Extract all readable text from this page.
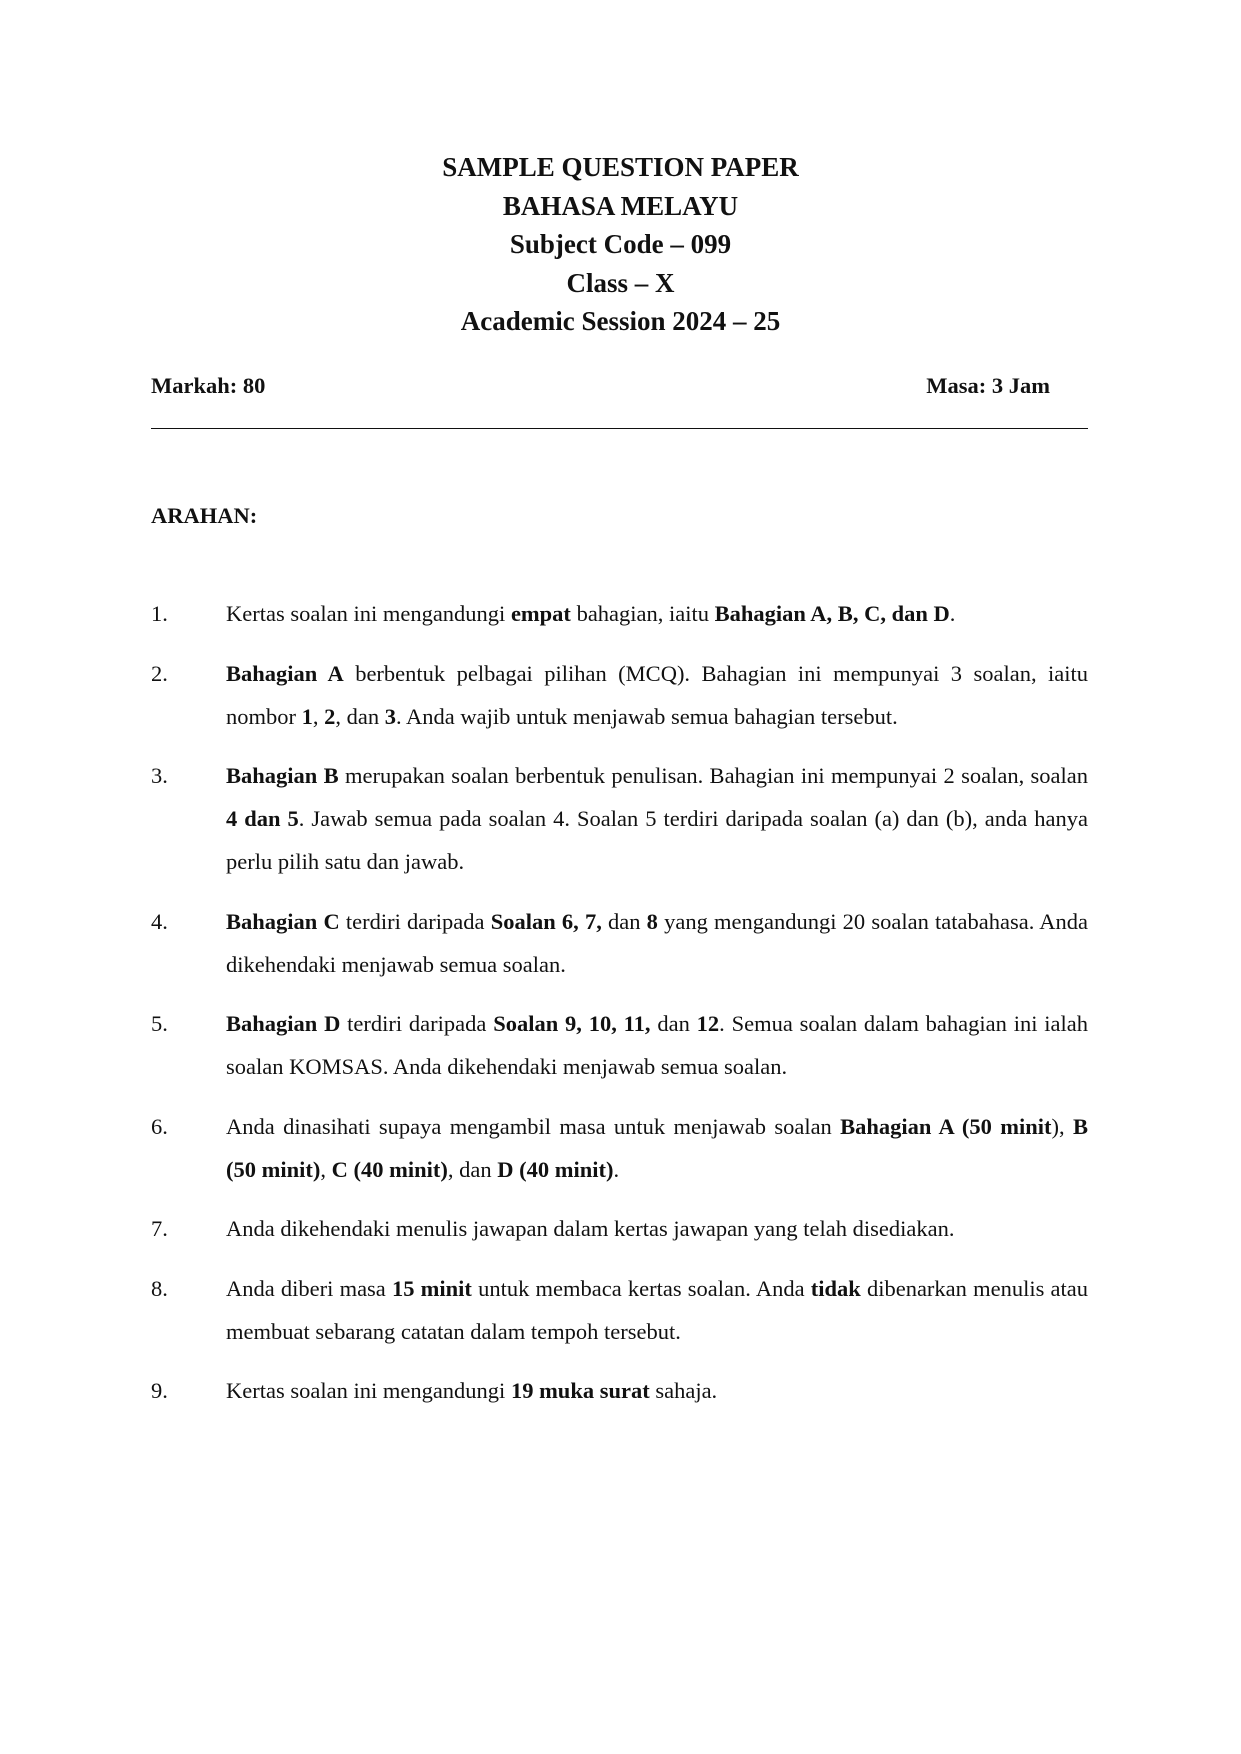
SAMPLE QUESTION PAPER
BAHASA MELAYU
Subject Code – 099
Class – X
Academic Session 2024 – 25
Markah: 80	Masa: 3 Jam
ARAHAN:
1.	Kertas soalan ini mengandungi empat bahagian, iaitu Bahagian A, B, C, dan D.
2.	Bahagian A berbentuk pelbagai pilihan (MCQ). Bahagian ini mempunyai 3 soalan, iaitu nombor 1, 2, dan 3. Anda wajib untuk menjawab semua bahagian tersebut.
3.	Bahagian B merupakan soalan berbentuk penulisan. Bahagian ini mempunyai 2 soalan, soalan 4 dan 5. Jawab semua pada soalan 4. Soalan 5 terdiri daripada soalan (a) dan (b), anda hanya perlu pilih satu dan jawab.
4.	Bahagian C terdiri daripada Soalan 6, 7, dan 8 yang mengandungi 20 soalan tatabahasa. Anda dikehendaki menjawab semua soalan.
5.	Bahagian D terdiri daripada Soalan 9, 10, 11, dan 12. Semua soalan dalam bahagian ini ialah soalan KOMSAS. Anda dikehendaki menjawab semua soalan.
6.	Anda dinasihati supaya mengambil masa untuk menjawab soalan Bahagian A (50 minit), B (50 minit), C (40 minit), dan D (40 minit).
7.	Anda dikehendaki menulis jawapan dalam kertas jawapan yang telah disediakan.
8.	Anda diberi masa 15 minit untuk membaca kertas soalan. Anda tidak dibenarkan menulis atau membuat sebarang catatan dalam tempoh tersebut.
9.	Kertas soalan ini mengandungi 19 muka surat sahaja.
